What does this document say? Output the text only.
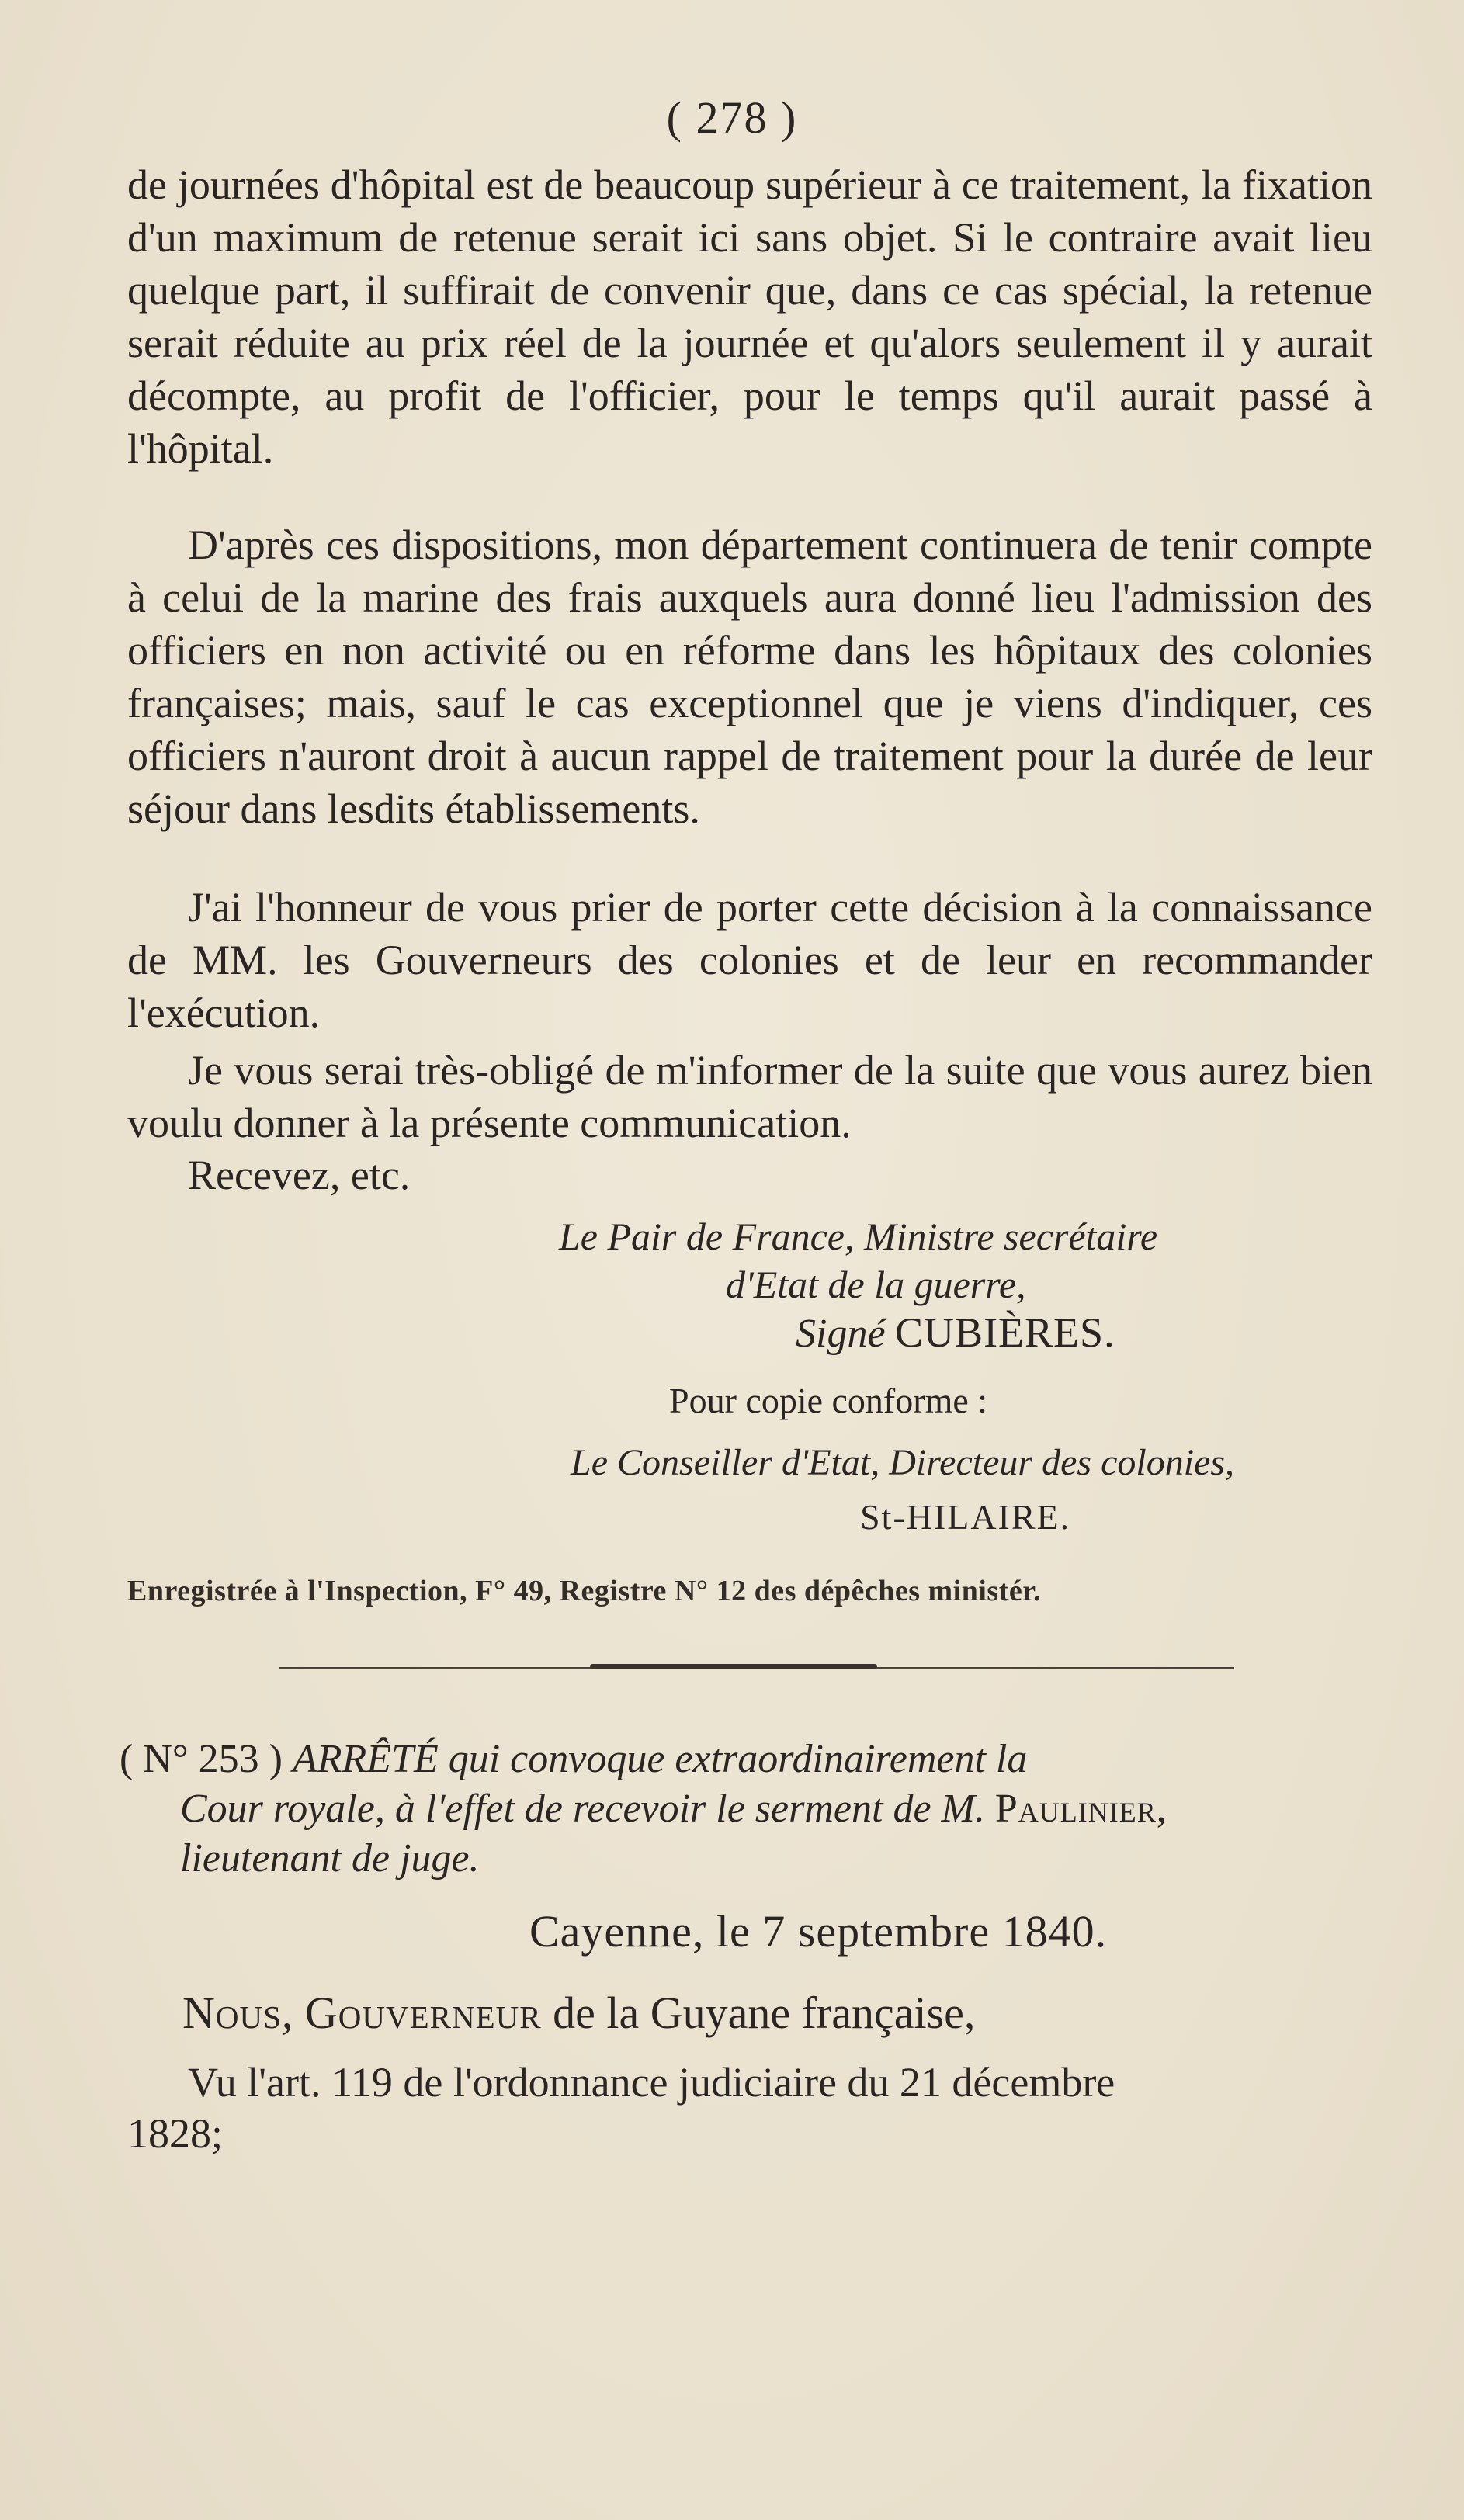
( 278 )

de journées d'hôpital est de beaucoup supérieur à ce traitement, la fixation d'un maximum de retenue serait ici sans objet. Si le contraire avait lieu quelque part, il suffirait de convenir que, dans ce cas spécial, la retenue serait réduite au prix réel de la journée et qu'alors seulement il y aurait décompte, au profit de l'officier, pour le temps qu'il aurait passé à l'hôpital.

D'après ces dispositions, mon département continuera de tenir compte à celui de la marine des frais auxquels aura donné lieu l'admission des officiers en non activité ou en réforme dans les hôpitaux des colonies françaises; mais, sauf le cas exceptionnel que je viens d'indiquer, ces officiers n'auront droit à aucun rappel de traitement pour la durée de leur séjour dans lesdits établissements.

J'ai l'honneur de vous prier de porter cette décision à la connaissance de MM. les Gouverneurs des colonies et de leur en recommander l'exécution.

Je vous serai très-obligé de m'informer de la suite que vous aurez bien voulu donner à la présente communication.

Recevez, etc.
Le Pair de France, Ministre secrétaire
d'Etat de la guerre,
Signé CUBIÈRES.
Pour copie conforme :
Le Conseiller d'Etat, Directeur des colonies,
St-HILAIRE.
Enregistrée à l'Inspection, F° 49, Registre N° 12 des dépêches ministér.
( N° 253 ) ARRÊTÉ qui convoque extraordinairement la
Cour royale, à l'effet de recevoir le serment de M. Paulinier,
lieutenant de juge.
Cayenne, le 7 septembre 1840.
Nous, Gouverneur de la Guyane française,
Vu l'art. 119 de l'ordonnance judiciaire du 21 décembre
1828;
